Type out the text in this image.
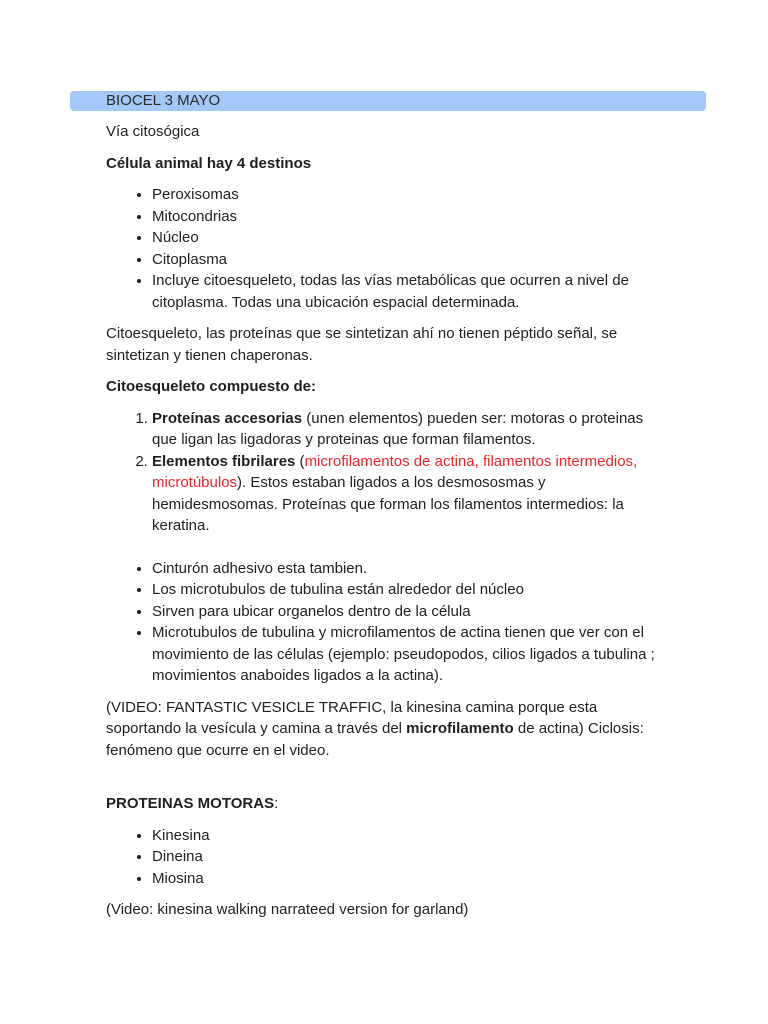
BIOCEL 3 MAYO

Vía citosógica

Célula animal hay 4 destinos

• Peroxisomas
• Mitocondrias
• Núcleo
• Citoplasma
• Incluye citoesqueleto, todas las vías metabólicas que ocurren a nivel de citoplasma. Todas una ubicación espacial determinada.

Citoesqueleto, las proteínas que se sintetizan ahí no tienen péptido señal, se sintetizan y tienen chaperonas.

Citoesqueleto compuesto de:

1. Proteínas accesorias (unen elementos) pueden ser: motoras o proteinas que ligan las ligadoras y proteinas que forman filamentos.
2. Elementos fibrilares (microfilamentos de actina, filamentos intermedios, microtúbulos). Estos estaban ligados a los desmososmas y hemidesmosomas. Proteínas que forman los filamentos intermedios: la keratina.
• Cinturón adhesivo esta tambien.
• Los microtubulos de tubulina están alrededor del núcleo
• Sirven para ubicar organelos dentro de la célula
• Microtubulos de tubulina y microfilamentos de actina tienen que ver con el movimiento de las células (ejemplo: pseudopodos, cilios ligados a tubulina ; movimientos anaboides ligados a la actina).

(VIDEO: FANTASTIC VESICLE TRAFFIC, la kinesina camina porque esta soportando la vesícula y camina a través del microfilamento de actina) Ciclosis: fenómeno que ocurre en el video.

PROTEINAS MOTORAS:

• Kinesina
• Dineina
• Miosina

(Video: kinesina walking narrateed version for garland)
